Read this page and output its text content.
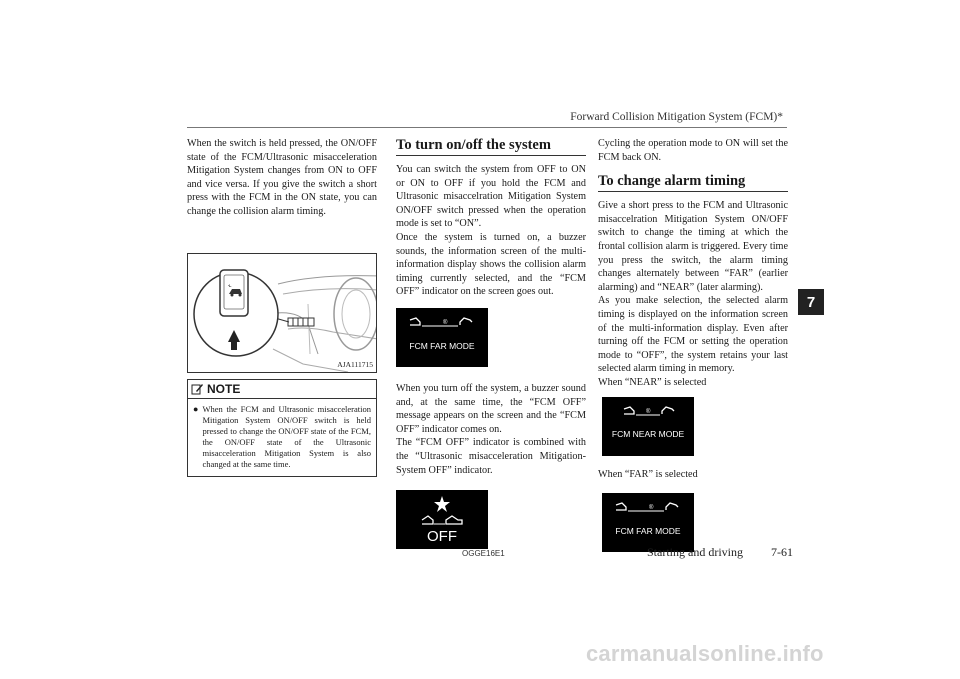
Forward Collision Mitigation System (FCM)*
7

When the switch is held pressed, the ON/OFF state of the FCM/Ultrasonic misacceleration Mitigation System changes from ON to OFF and vice versa. If you give the switch a short press with the FCM in the ON state, you can change the collision alarm timing.

AJA111715
NOTE
● When the FCM and Ultrasonic misacceleration Mitigation System ON/OFF switch is held pressed to change the ON/OFF state of the FCM, the ON/OFF state of the Ultrasonic misacceleration Mitigation System is also changed at the same time.
To turn on/off the system

You can switch the system from OFF to ON or ON to OFF if you hold the FCM and Ultrasonic misaccelration Mitigation System ON/OFF switch pressed when the operation mode is set to “ON”.

Once the system is turned on, a buzzer sounds, the information screen of the multi-information display shows the collision alarm timing currently selected, and the “FCM OFF” indicator on the screen goes out.

®
FCM FAR MODE

When you turn off the system, a buzzer sound and, at the same time, the “FCM OFF” message appears on the screen and the “FCM OFF” indicator comes on.

The “FCM OFF” indicator is combined with the “Ultrasonic misacceleration Mitigation-System OFF” indicator.

OFF

Cycling the operation mode to ON will set the FCM back ON.

To change alarm timing

Give a short press to the FCM and Ultrasonic misaccelration Mitigation System ON/OFF switch to change the timing at which the frontal collision alarm is triggered. Every time you press the switch, the alarm timing changes alternately between “FAR” (earlier alarming) and “NEAR” (later alarming).

As you make selection, the selected alarm timing is displayed on the information screen of the multi-information display. Even after turning off the FCM or setting the operation mode to “OFF”, the system retains your last selected alarm timing in memory.

When “NEAR” is selected

®
FCM NEAR MODE

When “FAR” is selected

®
FCM FAR MODE
OGGE16E1	Starting and driving 7-61
carmanualsonline.info
